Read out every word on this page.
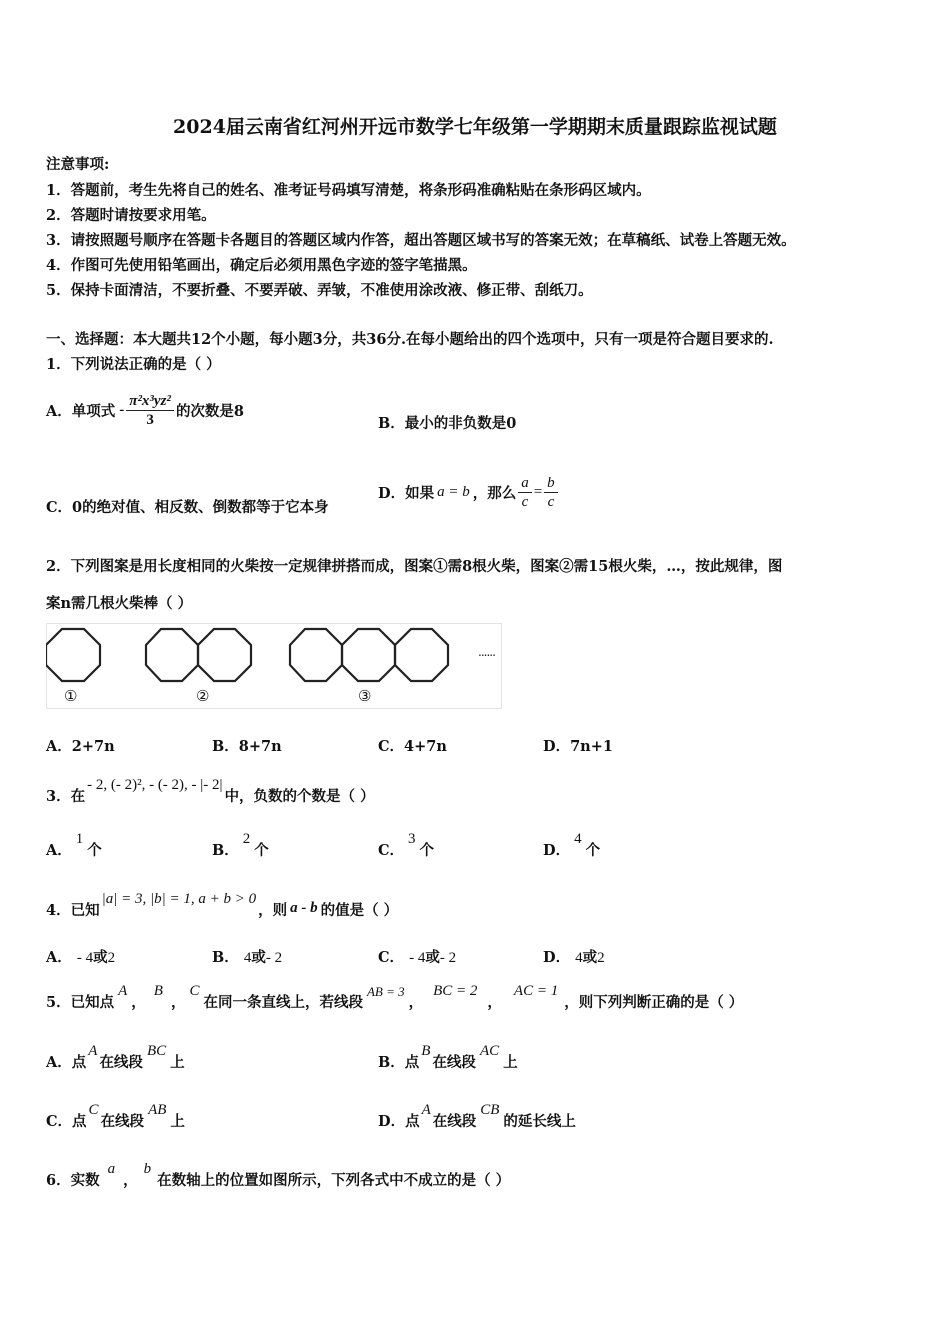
2024届云南省红河州开远市数学七年级第一学期期末质量跟踪监视试题
注意事项:
1．答题前，考生先将自己的姓名、准考证号码填写清楚，将条形码准确粘贴在条形码区域内。
2．答题时请按要求用笔。
3．请按照题号顺序在答题卡各题目的答题区域内作答，超出答题区域书写的答案无效；在草稿纸、试卷上答题无效。
4．作图可先使用铅笔画出，确定后必须用黑色字迹的签字笔描黑。
5．保持卡面清洁，不要折叠、不要弄破、弄皱，不准使用涂改液、修正带、刮纸刀。
一、选择题：本大题共12个小题，每小题3分，共36分.在每小题给出的四个选项中，只有一项是符合题目要求的.
1．下列说法正确的是（ ）
A．单项式 - $\frac{\text{π²x³yz²}}{3}$ 的次数是8
B．最小的非负数是0
C．0的绝对值、相反数、倒数都等于它本身
D．如果 a = b ，那么 $\frac{a}{c} = \frac{b}{c}$
2．下列图案是用长度相同的火柴按一定规律拼搭而成，图案①需8根火柴，图案②需15根火柴，…，按此规律，图
案n需几根火柴棒（ ）
......
①	②	③
A．2+7n	B．8+7n	C．4+7n	D．7n+1
3．在
- 2, (- 2)², - (- 2), - |- 2|
中，负数的个数是（ ）
A．
1
个	B．
2
个	C．
3
个	D．
4
个
4．已知
|a| = 3, |b| = 1, a + b > 0
，则 a - b 的值是（ ）
A． - 4或2	B． 4或- 2	C． - 4或- 2	D． 4或2
5．已知点
A
，
B
，
C
在同一条直线上，若线段
AB = 3
，
BC = 2
，
AC = 1
，则下列判断正确的是（ ）
A．点
A
在线段
BC
上	B．点
B
在线段
AC
上
C．点
C
在线段
AB
上	D．点
A
在线段
CB
的延长线上
6．实数
a
，
b
在数轴上的位置如图所示，下列各式中不成立的是（ ）
